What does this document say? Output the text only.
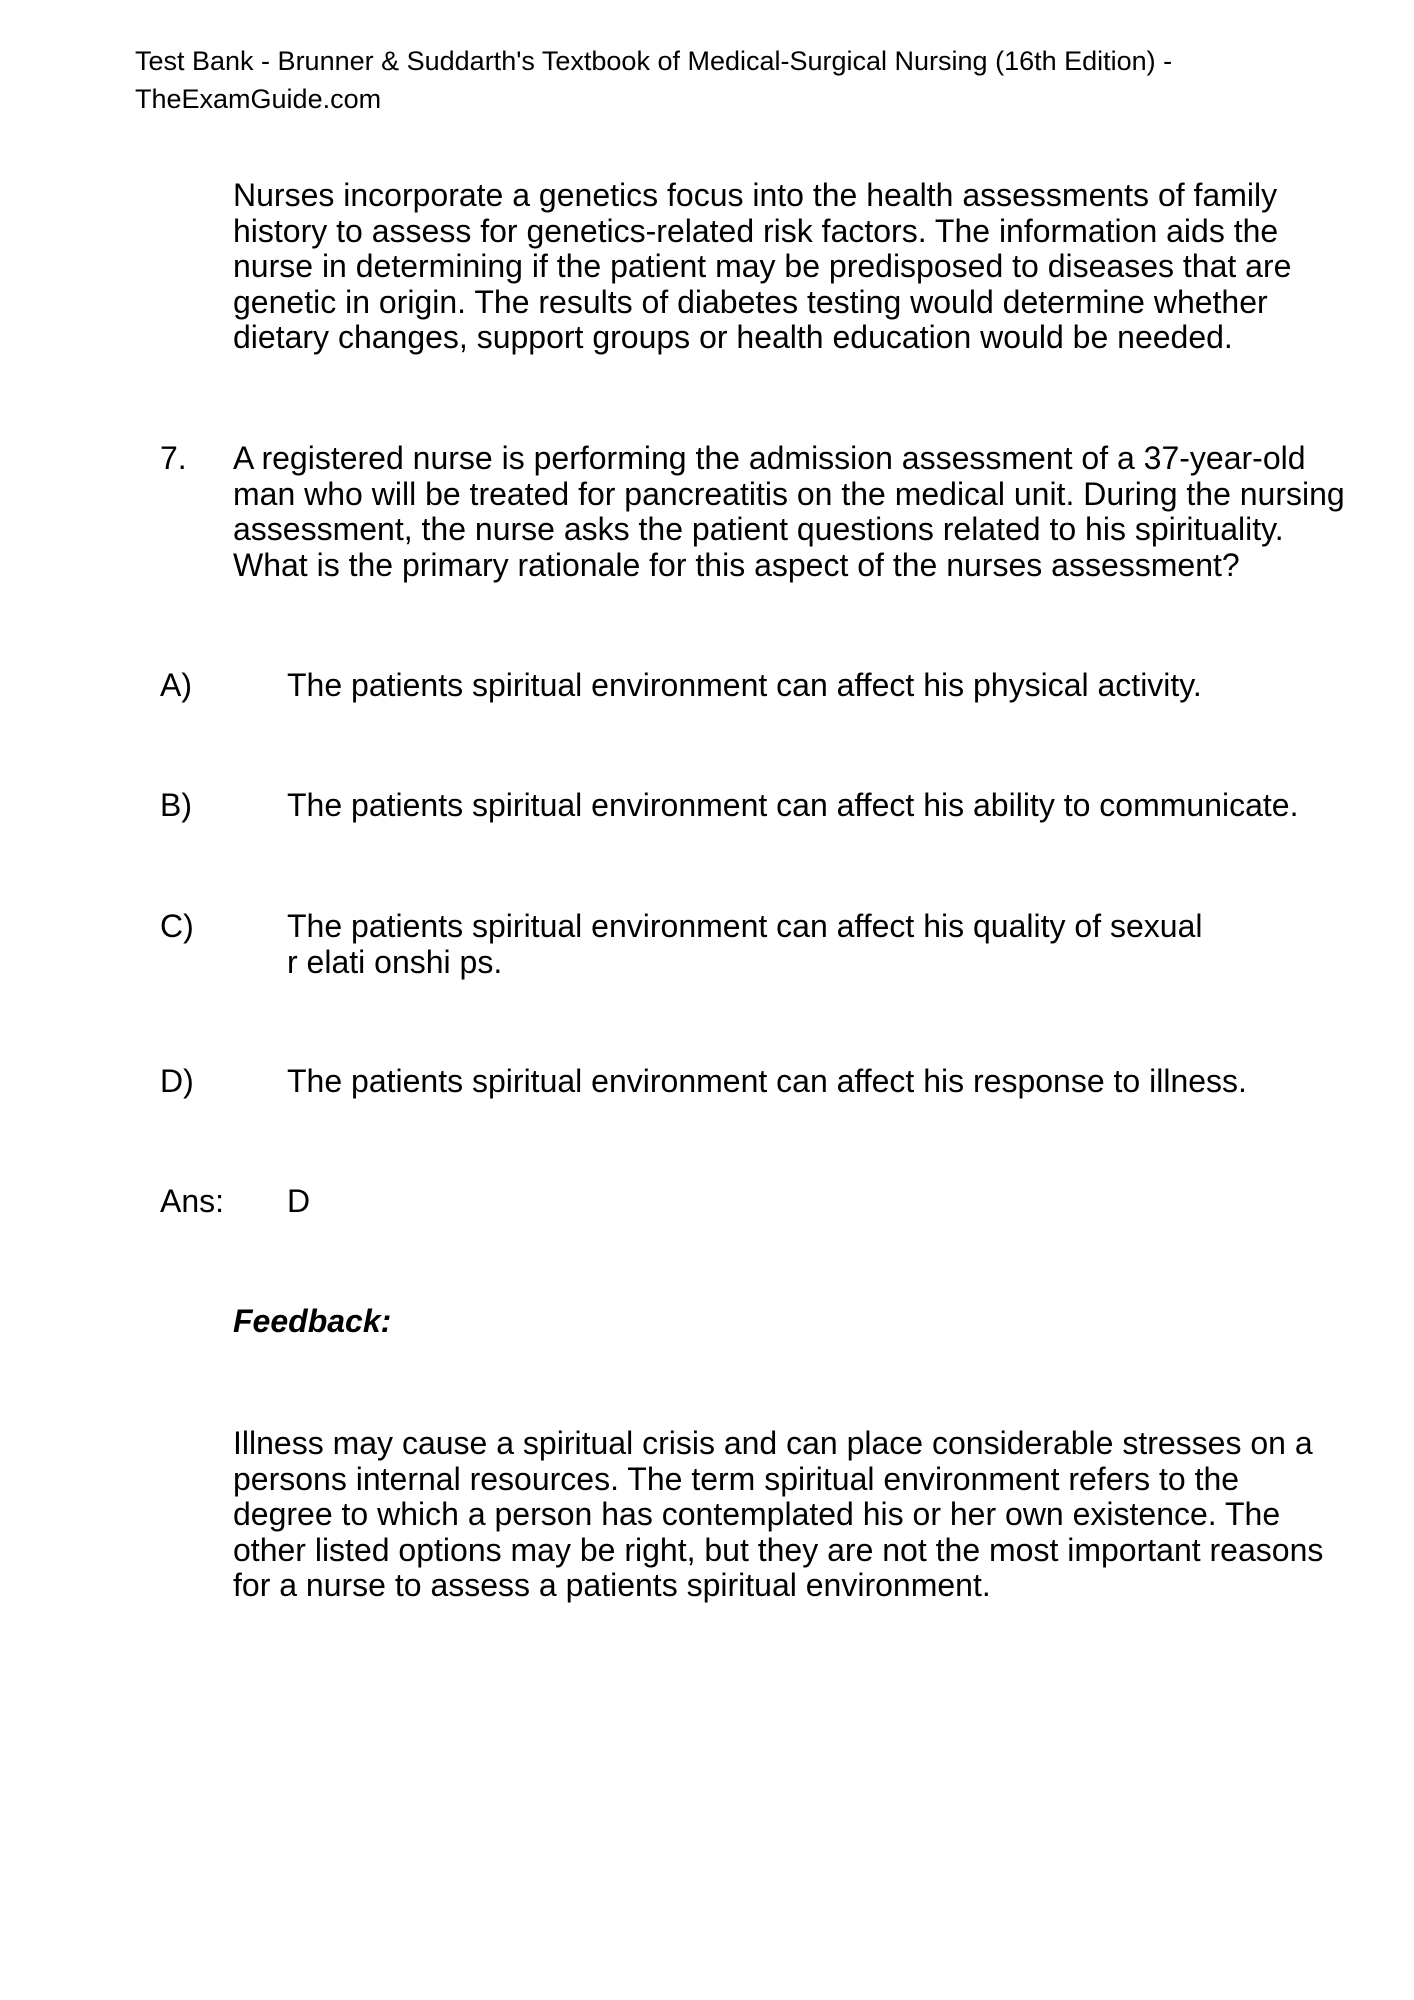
Test Bank - Brunner & Suddarth's Textbook of Medical-Surgical Nursing (16th Edition) -
TheExamGuide.com
Nurses incorporate a genetics focus into the health assessments of family
history to assess for genetics-related risk factors. The information aids the
nurse in determining if the patient may be predisposed to diseases that are
genetic in origin. The results of diabetes testing would determine whether
dietary changes, support groups or health education would be needed.
7. A registered nurse is performing the admission assessment of a 37-year-old
man who will be treated for pancreatitis on the medical unit. During the nursing
assessment, the nurse asks the patient questions related to his spirituality.
What is the primary rationale for this aspect of the nurses assessment?
A)	The patients spiritual environment can affect his physical activity.
B)	The patients spiritual environment can affect his ability to communicate.
C)	The patients spiritual environment can affect his quality of sexual
r elati onshi ps.
D)	The patients spiritual environment can affect his response to illness.
Ans: D
Feedback:
Illness may cause a spiritual crisis and can place considerable stresses on a
persons internal resources. The term spiritual environment refers to the
degree to which a person has contemplated his or her own existence. The
other listed options may be right, but they are not the most important reasons
for a nurse to assess a patients spiritual environment.
